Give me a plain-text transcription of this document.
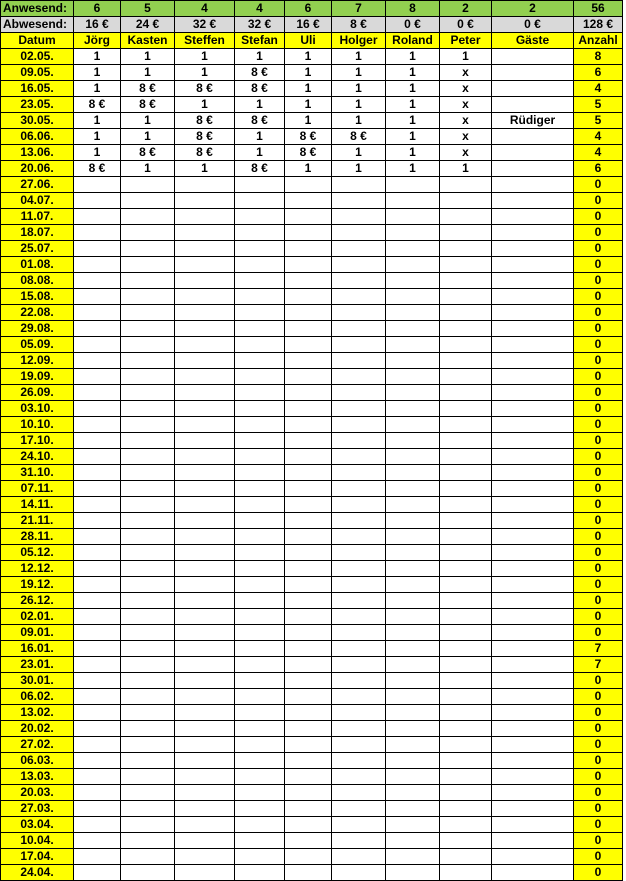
Anwesend:	6	5	4	4	6	7	8	2	2	56
Abwesend:	16 €	24 €	32 €	32 €	16 €	8 €	0 €	0 €	0 €	128 €
Datum	Jörg	Kasten	Steffen	Stefan	Uli	Holger	Roland	Peter	Gäste	Anzahl
02.05.	1	1	1	1	1	1	1	1		8
09.05.	1	1	1	8 €	1	1	1	x		6
16.05.	1	8 €	8 €	8 €	1	1	1	x		4
23.05.	8 €	8 €	1	1	1	1	1	x		5
30.05.	1	1	8 €	8 €	1	1	1	x	Rüdiger	5
06.06.	1	1	8 €	1	8 €	8 €	1	x		4
13.06.	1	8 €	8 €	1	8 €	1	1	x		4
20.06.	8 €	1	1	8 €	1	1	1	1		6
27.06.										0
04.07.										0
11.07.										0
18.07.										0
25.07.										0
01.08.										0
08.08.										0
15.08.										0
22.08.										0
29.08.										0
05.09.										0
12.09.										0
19.09.										0
26.09.										0
03.10.										0
10.10.										0
17.10.										0
24.10.										0
31.10.										0
07.11.										0
14.11.										0
21.11.										0
28.11.										0
05.12.										0
12.12.										0
19.12.										0
26.12.										0
02.01.										0
09.01.										0
16.01.										7
23.01.										7
30.01.										0
06.02.										0
13.02.										0
20.02.										0
27.02.										0
06.03.										0
13.03.										0
20.03.										0
27.03.										0
03.04.										0
10.04.										0
17.04.										0
24.04.										0
